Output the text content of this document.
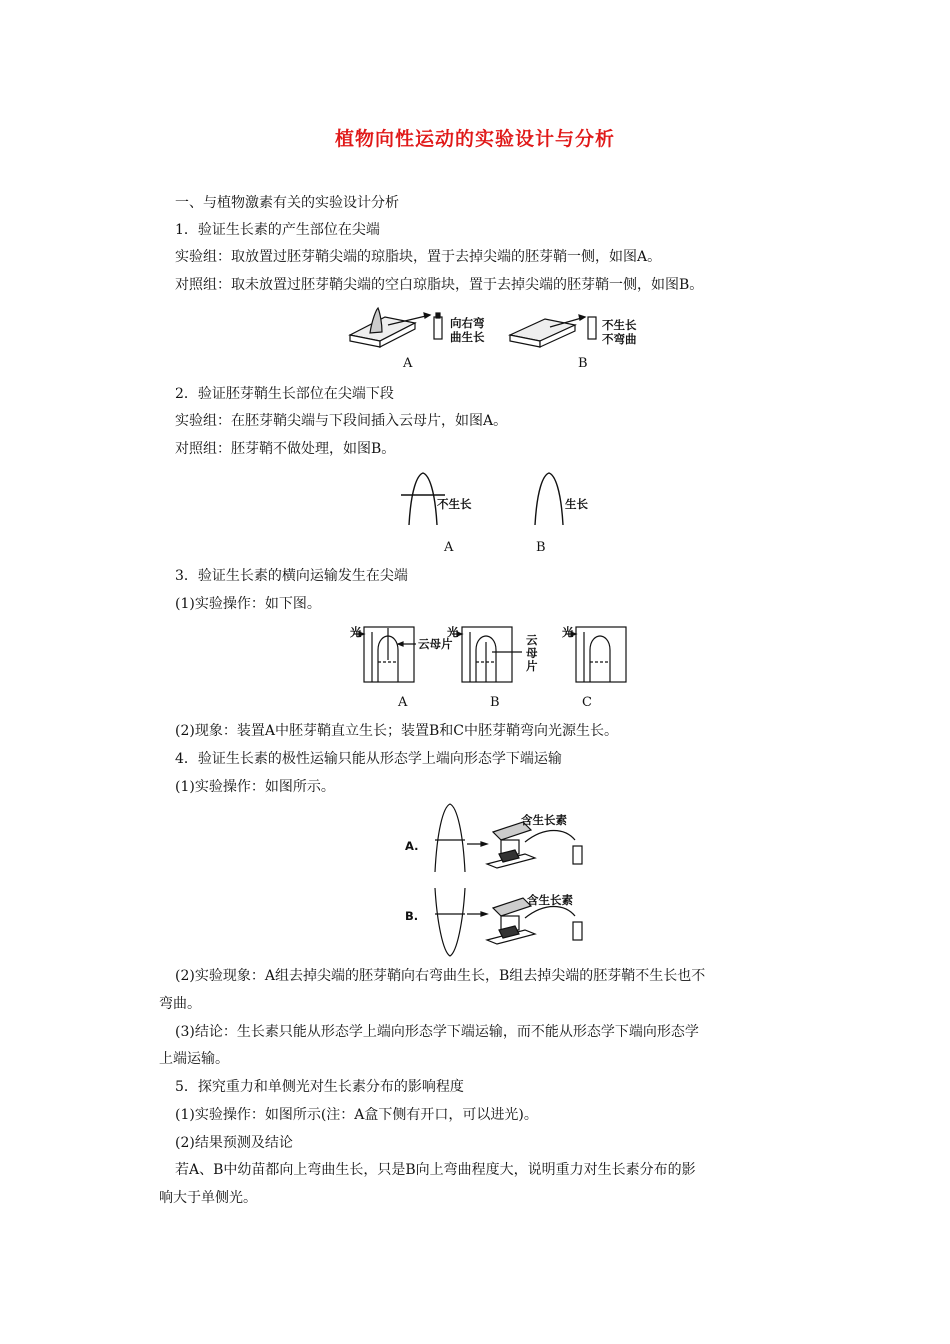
植物向性运动的实验设计与分析
一、与植物激素有关的实验设计分析
1．验证生长素的产生部位在尖端
实验组：取放置过胚芽鞘尖端的琼脂块，置于去掉尖端的胚芽鞘一侧，如图A。
对照组：取未放置过胚芽鞘尖端的空白琼脂块，置于去掉尖端的胚芽鞘一侧，如图B。
向右弯
曲生长
不生长
不弯曲
A	B
2．验证胚芽鞘生长部位在尖端下段
实验组：在胚芽鞘尖端与下段间插入云母片，如图A。
对照组：胚芽鞘不做处理，如图B。
不生长	生长
A	B
3．验证生长素的横向运输发生在尖端
(1)实验操作：如下图。
光
云母片
光
云
母
片
光
A	B	C
(2)现象：装置A中胚芽鞘直立生长；装置B和C中胚芽鞘弯向光源生长。
4．验证生长素的极性运输只能从形态学上端向形态学下端运输
(1)实验操作：如图所示。
A.
含生长素
B.
含生长素
(2)实验现象：A组去掉尖端的胚芽鞘向右弯曲生长，B组去掉尖端的胚芽鞘不生长也不
弯曲。
(3)结论：生长素只能从形态学上端向形态学下端运输，而不能从形态学下端向形态学
上端运输。
5．探究重力和单侧光对生长素分布的影响程度
(1)实验操作：如图所示(注：A盒下侧有开口，可以进光)。
(2)结果预测及结论
若A、B中幼苗都向上弯曲生长，只是B向上弯曲程度大，说明重力对生长素分布的影
响大于单侧光。
